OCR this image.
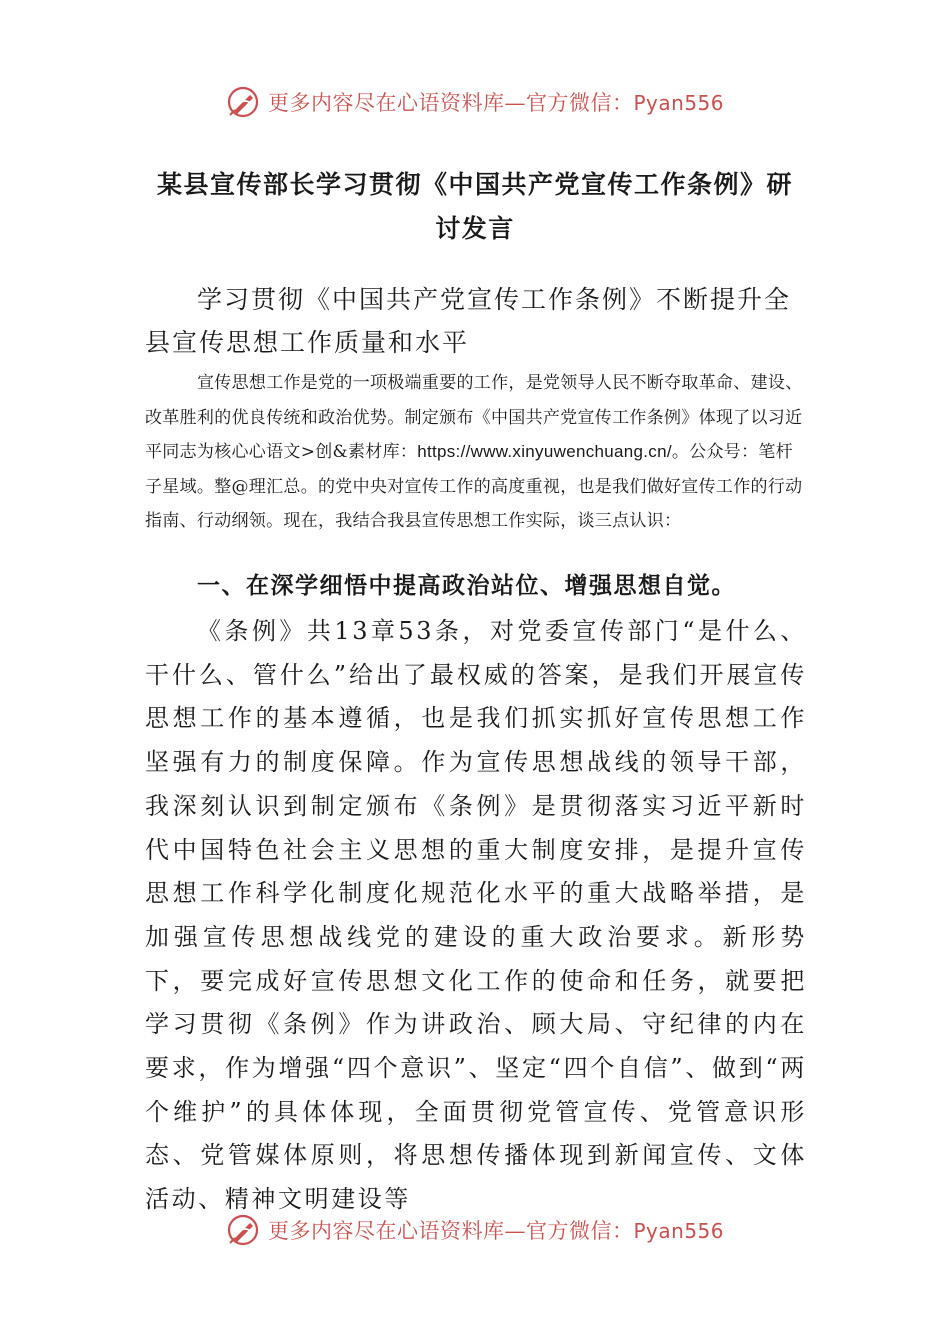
更多内容尽在心语资料库—官方微信：Pyan556
某县宣传部长学习贯彻《中国共产党宣传工作条例》研讨发言

学习贯彻《中国共产党宣传工作条例》不断提升全县宣传思想工作质量和水平

宣传思想工作是党的一项极端重要的工作，是党领导人民不断夺取革命、建设、改革胜利的优良传统和政治优势。制定颁布《中国共产党宣传工作条例》体现了以习近平同志为核心心语文>创&素材库：https://www.xinyuwenchuang.cn/。公众号：笔杆子星域。整@理汇总。的党中央对宣传工作的高度重视，也是我们做好宣传工作的行动指南、行动纲领。现在，我结合我县宣传思想工作实际，谈三点认识：

一、在深学细悟中提高政治站位、增强思想自觉。

《条例》共13章53条，对党委宣传部门“是什么、干什么、管什么”给出了最权威的答案，是我们开展宣传思想工作的基本遵循，也是我们抓实抓好宣传思想工作坚强有力的制度保障。作为宣传思想战线的领导干部，我深刻认识到制定颁布《条例》是贯彻落实习近平新时代中国特色社会主义思想的重大制度安排，是提升宣传思想工作科学化制度化规范化水平的重大战略举措，是加强宣传思想战线党的建设的重大政治要求。新形势下，要完成好宣传思想文化工作的使命和任务，就要把学习贯彻《条例》作为讲政治、顾大局、守纪律的内在要求，作为增强“四个意识”、坚定“四个自信”、做到“两个维护”的具体体现，全面贯彻党管宣传、党管意识形态、党管媒体原则，将思想传播体现到新闻宣传、文体活动、精神文明建设等

更多内容尽在心语资料库—官方微信：Pyan556
